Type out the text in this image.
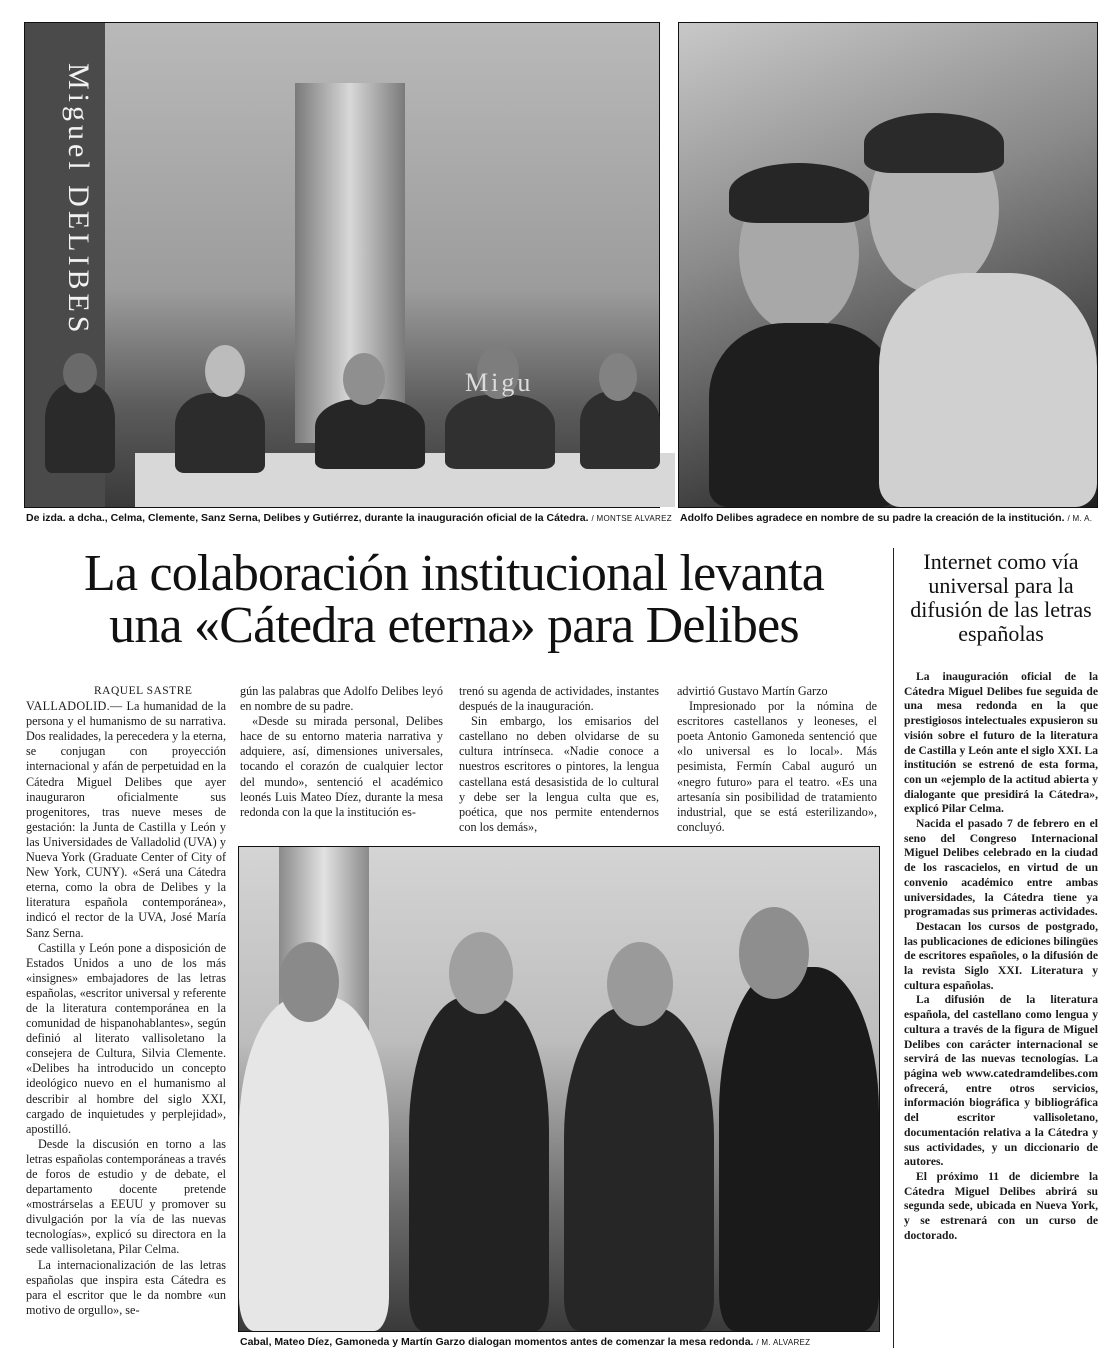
Migu
Miguel DELIBES
De izda. a dcha., Celma, Clemente, Sanz Serna, Delibes y Gutiérrez, durante la inauguración oficial de la Cátedra. / MONTSE ALVAREZ Adolfo Delibes agradece en nombre de su padre la creación de la institución. / M. A.
La colaboración institucional levanta
una «Cátedra eterna» para Delibes
Internet como vía universal para la difusión de las letras españolas

RAQUEL SASTRE

VALLADOLID.— La humanidad de la persona y el humanismo de su narrativa. Dos realidades, la perecedera y la eterna, se conjugan con proyección internacional y afán de perpetuidad en la Cátedra Miguel Delibes que ayer inauguraron oficialmente sus progenitores, tras nueve meses de gestación: la Junta de Castilla y León y las Universidades de Valladolid (UVA) y Nueva York (Graduate Center of City of New York, CUNY). «Será una Cátedra eterna, como la obra de Delibes y la literatura española contemporánea», indicó el rector de la UVA, José María Sanz Serna.

Castilla y León pone a disposición de Estados Unidos a uno de los más «insignes» embajadores de las letras españolas, «escritor universal y referente de la literatura contemporánea en la comunidad de hispanohablantes», según definió al literato vallisoletano la consejera de Cultura, Silvia Clemente. «Delibes ha introducido un concepto ideológico nuevo en el humanismo al describir al hombre del siglo XXI, cargado de inquietudes y perplejidad», apostilló.

Desde la discusión en torno a las letras españolas contemporáneas a través de foros de estudio y de debate, el departamento docente pretende «mostrárselas a EEUU y promover su divulgación por la vía de las nuevas tecnologías», explicó su directora en la sede vallisoletana, Pilar Celma.

La internacionalización de las letras españolas que inspira esta Cátedra es para el escritor que le da nombre «un motivo de orgullo», se-

gún las palabras que Adolfo Delibes leyó en nombre de su padre.

«Desde su mirada personal, Delibes hace de su entorno materia narrativa y adquiere, así, dimensiones universales, tocando el corazón de cualquier lector del mundo», sentenció el académico leonés Luis Mateo Díez, durante la mesa redonda con la que la institución es-

trenó su agenda de actividades, instantes después de la inauguración.

Sin embargo, los emisarios del castellano no deben olvidarse de su cultura intrínseca. «Nadie conoce a nuestros escritores o pintores, la lengua castellana está desasistida de lo cultural y debe ser la lengua culta que es, poética, que nos permite entendernos con los demás»,

advirtió Gustavo Martín Garzo

Impresionado por la nómina de escritores castellanos y leoneses, el poeta Antonio Gamoneda sentenció que «lo universal es lo local». Más pesimista, Fermín Cabal auguró un «negro futuro» para el teatro. «Es una artesanía sin posibilidad de tratamiento industrial, que se está esterilizando», concluyó.

Cabal, Mateo Díez, Gamoneda y Martín Garzo dialogan momentos antes de comenzar la mesa redonda. / M. ALVAREZ

La inauguración oficial de la Cátedra Miguel Delibes fue seguida de una mesa redonda en la que prestigiosos intelectuales expusieron su visión sobre el futuro de la literatura de Castilla y León ante el siglo XXI. La institución se estrenó de esta forma, con un «ejemplo de la actitud abierta y dialogante que presidirá la Cátedra», explicó Pilar Celma.

Nacida el pasado 7 de febrero en el seno del Congreso Internacional Miguel Delibes celebrado en la ciudad de los rascacielos, en virtud de un convenio académico entre ambas universidades, la Cátedra tiene ya programadas sus primeras actividades.

Destacan los cursos de postgrado, las publicaciones de ediciones bilingües de escritores españoles, o la difusión de la revista Siglo XXI. Literatura y cultura españolas.

La difusión de la literatura española, del castellano como lengua y cultura a través de la figura de Miguel Delibes con carácter internacional se servirá de las nuevas tecnologías. La página web www.catedramdelibes.com ofrecerá, entre otros servicios, información biográfica y bibliográfica del escritor vallisoletano, documentación relativa a la Cátedra y sus actividades, y un diccionario de autores.

El próximo 11 de diciembre la Cátedra Miguel Delibes abrirá su segunda sede, ubicada en Nueva York, y se estrenará con un curso de doctorado.
